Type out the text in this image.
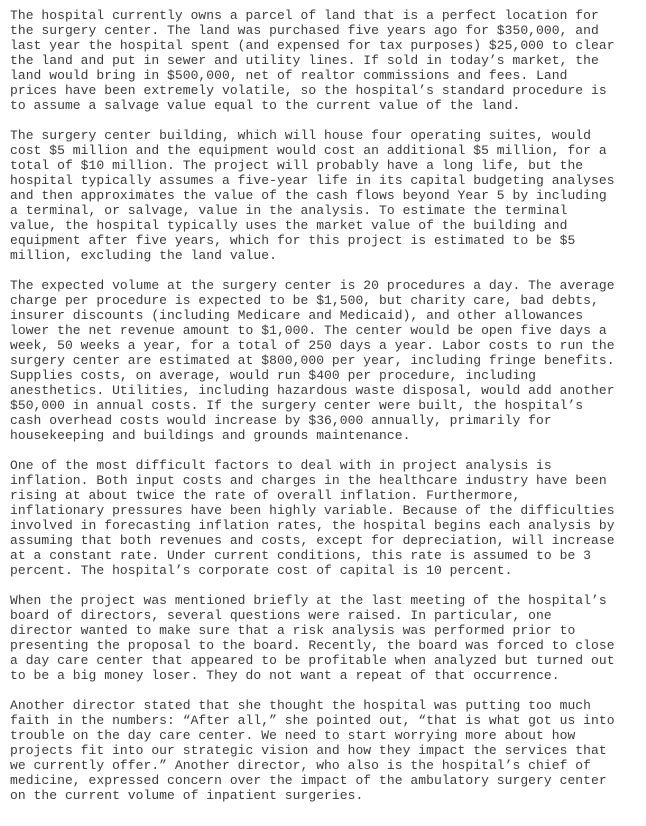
The hospital currently owns a parcel of land that is a perfect location for
the surgery center. The land was purchased five years ago for $350,000, and
last year the hospital spent (and expensed for tax purposes) $25,000 to clear
the land and put in sewer and utility lines. If sold in today’s market, the
land would bring in $500,000, net of realtor commissions and fees. Land
prices have been extremely volatile, so the hospital’s standard procedure is
to assume a salvage value equal to the current value of the land.
The surgery center building, which will house four operating suites, would
cost $5 million and the equipment would cost an additional $5 million, for a
total of $10 million. The project will probably have a long life, but the
hospital typically assumes a five-year life in its capital budgeting analyses
and then approximates the value of the cash flows beyond Year 5 by including
a terminal, or salvage, value in the analysis. To estimate the terminal
value, the hospital typically uses the market value of the building and
equipment after five years, which for this project is estimated to be $5
million, excluding the land value.
The expected volume at the surgery center is 20 procedures a day. The average
charge per procedure is expected to be $1,500, but charity care, bad debts,
insurer discounts (including Medicare and Medicaid), and other allowances
lower the net revenue amount to $1,000. The center would be open five days a
week, 50 weeks a year, for a total of 250 days a year. Labor costs to run the
surgery center are estimated at $800,000 per year, including fringe benefits.
Supplies costs, on average, would run $400 per procedure, including
anesthetics. Utilities, including hazardous waste disposal, would add another
$50,000 in annual costs. If the surgery center were built, the hospital’s
cash overhead costs would increase by $36,000 annually, primarily for
housekeeping and buildings and grounds maintenance.
One of the most difficult factors to deal with in project analysis is
inflation. Both input costs and charges in the healthcare industry have been
rising at about twice the rate of overall inflation. Furthermore,
inflationary pressures have been highly variable. Because of the difficulties
involved in forecasting inflation rates, the hospital begins each analysis by
assuming that both revenues and costs, except for depreciation, will increase
at a constant rate. Under current conditions, this rate is assumed to be 3
percent. The hospital’s corporate cost of capital is 10 percent.
When the project was mentioned briefly at the last meeting of the hospital’s
board of directors, several questions were raised. In particular, one
director wanted to make sure that a risk analysis was performed prior to
presenting the proposal to the board. Recently, the board was forced to close
a day care center that appeared to be profitable when analyzed but turned out
to be a big money loser. They do not want a repeat of that occurrence.
Another director stated that she thought the hospital was putting too much
faith in the numbers: “After all,” she pointed out, “that is what got us into
trouble on the day care center. We need to start worrying more about how
projects fit into our strategic vision and how they impact the services that
we currently offer.” Another director, who also is the hospital’s chief of
medicine, expressed concern over the impact of the ambulatory surgery center
on the current volume of inpatient surgeries.
